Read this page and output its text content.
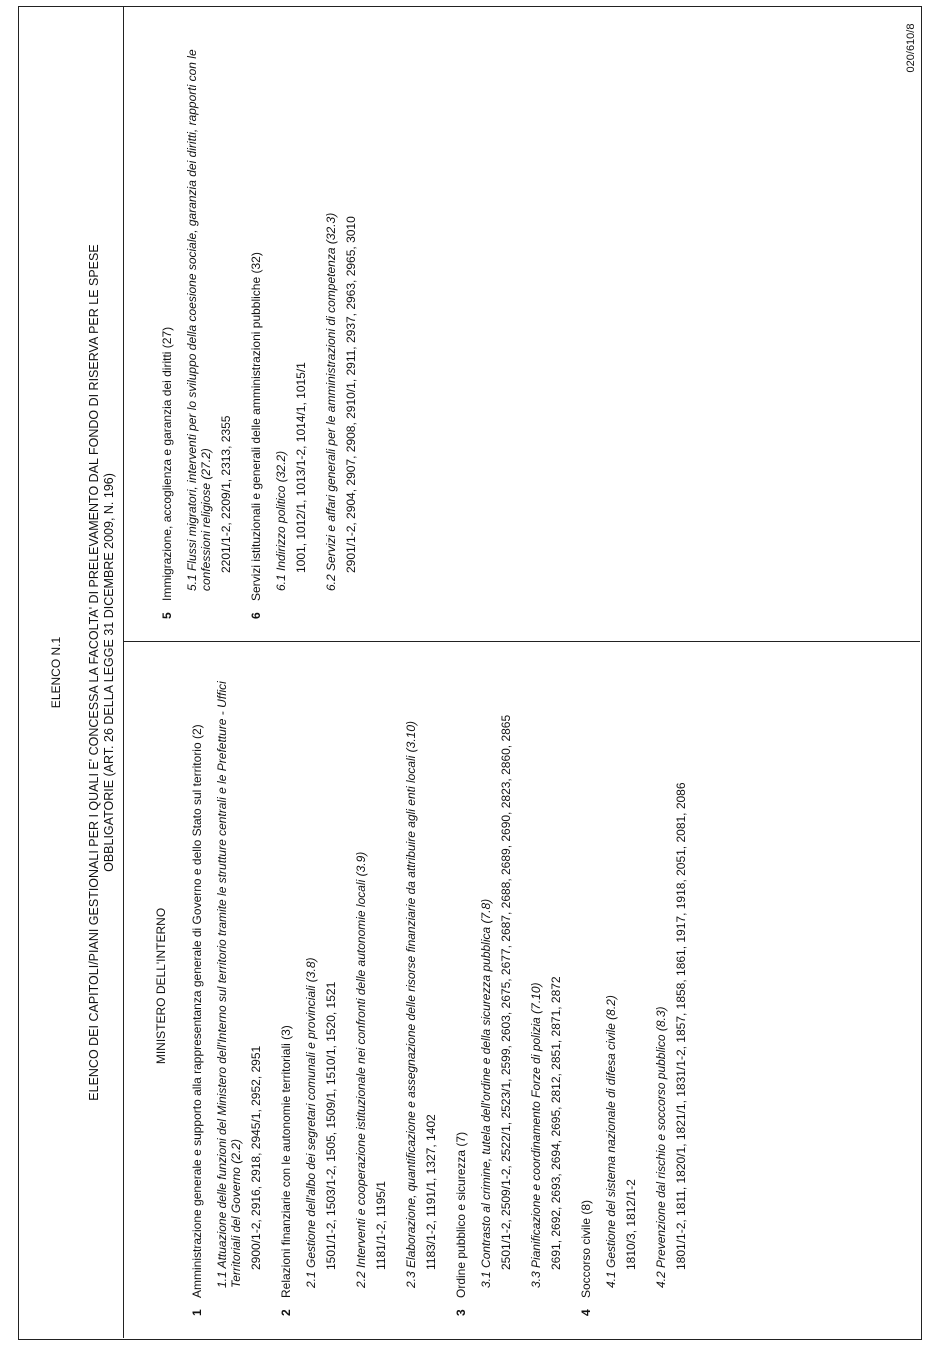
020/610/8
ELENCO N.1 ELENCO DEI CAPITOLI/PIANI GESTIONALI PER I QUALI E' CONCESSA LA FACOLTA' DI PRELEVAMENTO DAL FONDO DI RISERVA PER LE SPESE OBBLIGATORIE (ART. 26 DELLA LEGGE 31 DICEMBRE 2009, N. 196)
MINISTERO DELL'INTERNO
1
Amministrazione generale e supporto alla rappresentanza generale di Governo e dello Stato sul territorio (2) 1.1 Attuazione delle funzioni del Ministero dell'Interno sul territorio tramite le strutture centrali e le Prefetture - Uffici Territoriali del Governo (2.2) 2900/1-2, 2916, 2918, 2945/1, 2952, 2951
2
Relazioni finanziarie con le autonomie territoriali (3) 2.1 Gestione dell'albo dei segretari comunali e provinciali (3.8) 1501/1-2, 1503/1-2, 1505, 1509/1, 1510/1, 1520, 1521
2.2 Interventi e cooperazione istituzionale nei confronti delle autonomie locali (3.9) 1181/1-2, 1195/1
2.3 Elaborazione, quantificazione e assegnazione delle risorse finanziarie da attribuire agli enti locali (3.10) 1183/1-2, 1191/1, 1327, 1402
3
Ordine pubblico e sicurezza (7) 3.1 Contrasto al crimine, tutela dell'ordine e della sicurezza pubblica (7.8) 2501/1-2, 2509/1-2, 2522/1, 2523/1, 2599, 2603, 2675, 2677, 2687, 2688, 2689, 2690, 2823, 2860, 2865
3.3 Pianificazione e coordinamento Forze di polizia (7.10) 2691, 2692, 2693, 2694, 2695, 2812, 2851, 2871, 2872
4
Soccorso civile (8) 4.1 Gestione del sistema nazionale di difesa civile (8.2) 1810/3, 1812/1-2
4.2 Prevenzione dal rischio e soccorso pubblico (8.3) 1801/1-2, 1811, 1820/1, 1821/1, 1831/1-2, 1857, 1858, 1861, 1917, 1918, 2051, 2081, 2086
5
Immigrazione, accoglienza e garanzia dei diritti (27) 5.1 Flussi migratori, interventi per lo sviluppo della coesione sociale, garanzia dei diritti, rapporti con le confessioni religiose (27.2) 2201/1-2, 2209/1, 2313, 2355
6
Servizi istituzionali e generali delle amministrazioni pubbliche (32) 6.1 Indirizzo politico (32.2) 1001, 1012/1, 1013/1-2, 1014/1, 1015/1
6.2 Servizi e affari generali per le amministrazioni di competenza (32.3) 2901/1-2, 2904, 2907, 2908, 2910/1, 2911, 2937, 2963, 2965, 3010
